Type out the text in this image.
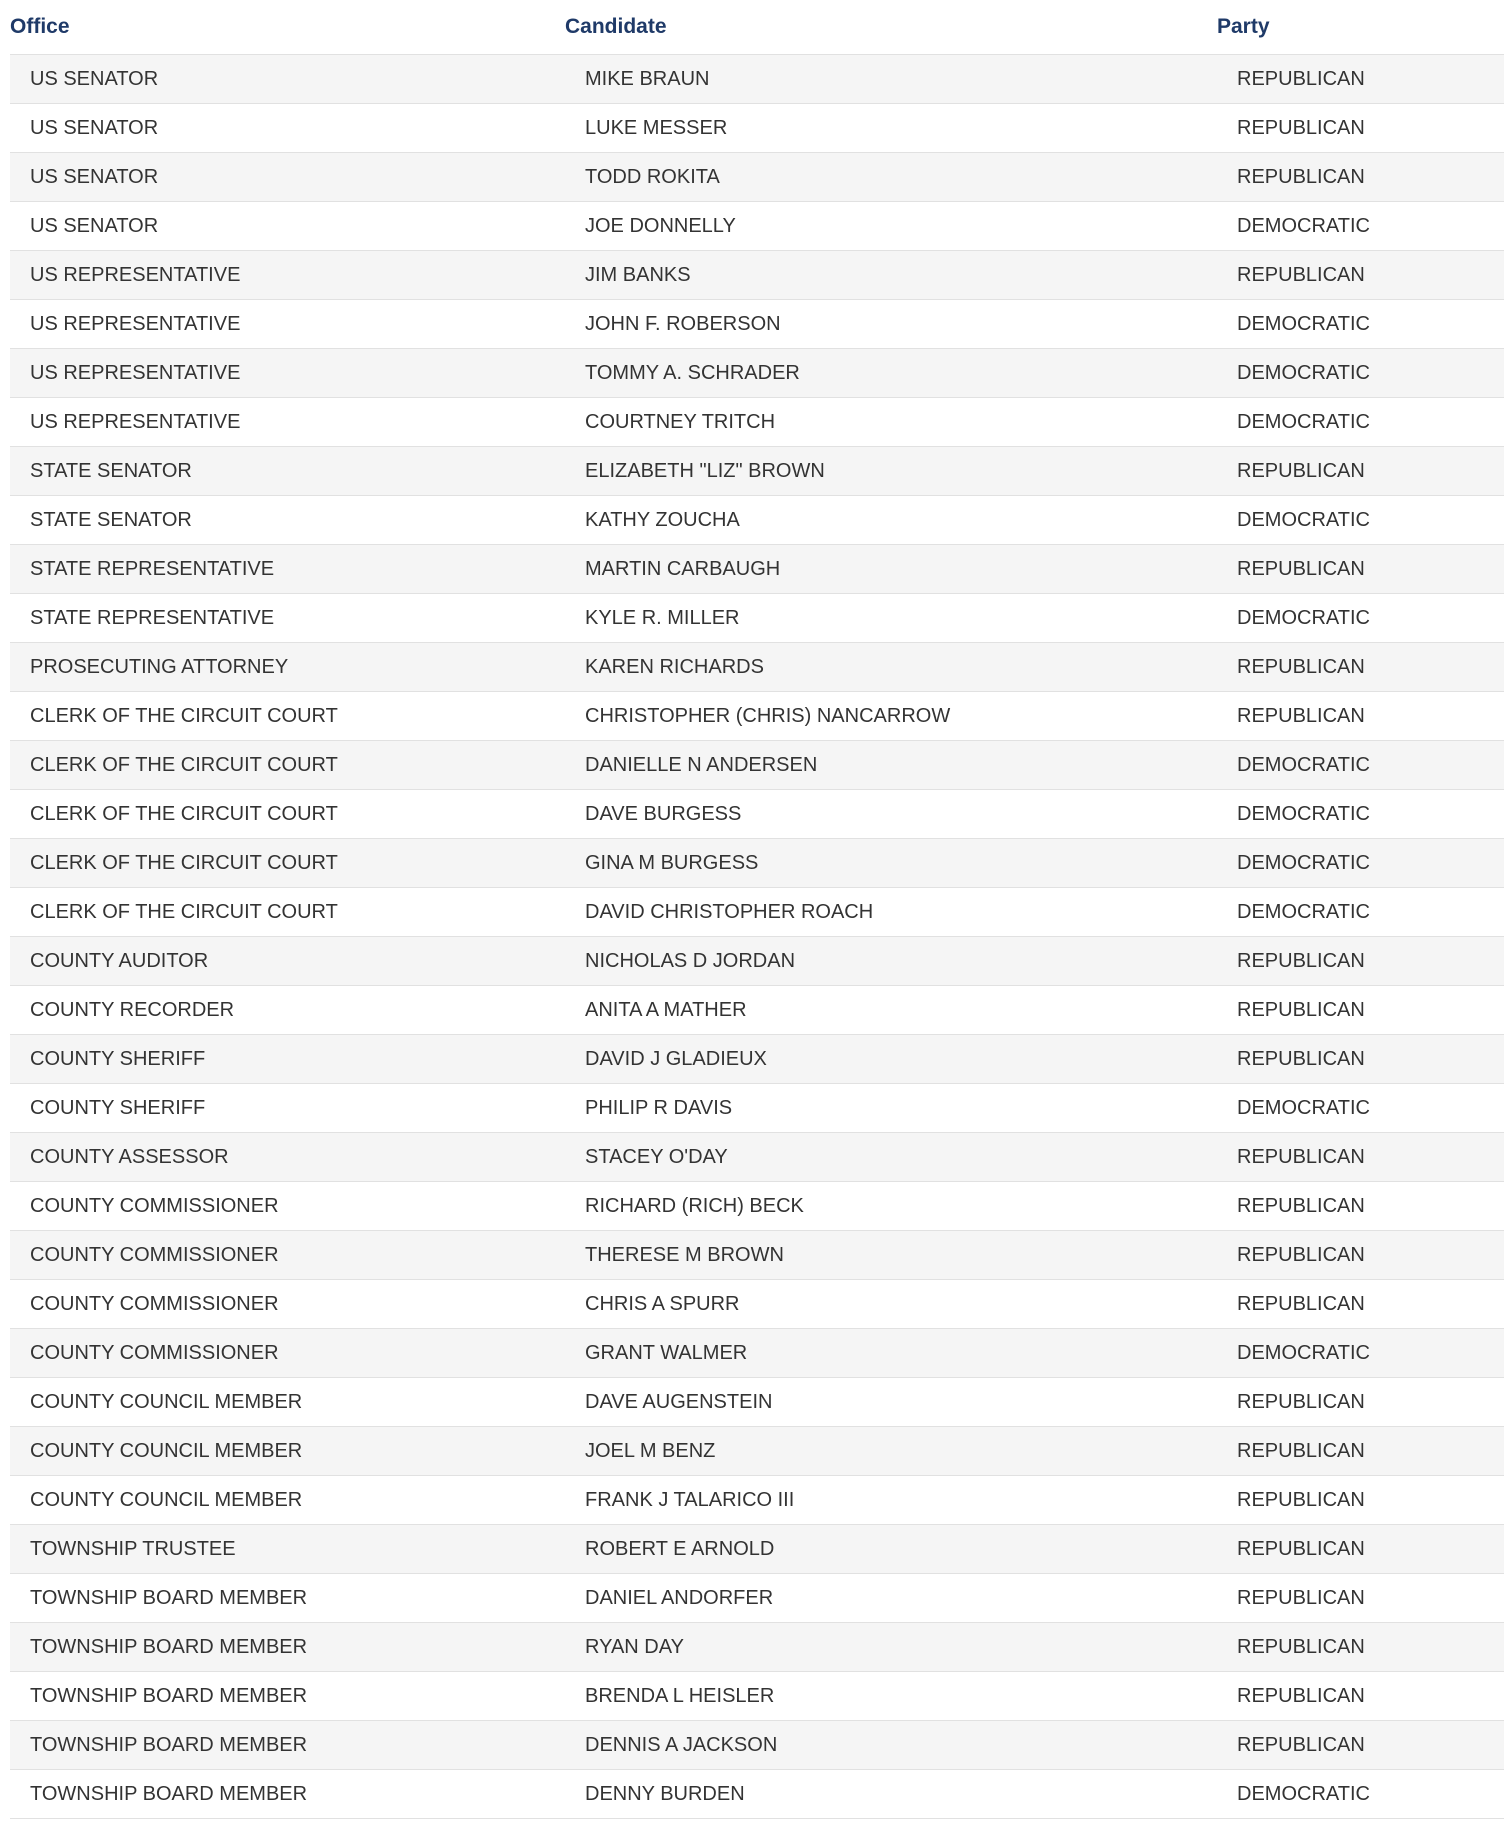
Office	Candidate	Party
US SENATOR	MIKE BRAUN	REPUBLICAN
US SENATOR	LUKE MESSER	REPUBLICAN
US SENATOR	TODD ROKITA	REPUBLICAN
US SENATOR	JOE DONNELLY	DEMOCRATIC
US REPRESENTATIVE	JIM BANKS	REPUBLICAN
US REPRESENTATIVE	JOHN F. ROBERSON	DEMOCRATIC
US REPRESENTATIVE	TOMMY A. SCHRADER	DEMOCRATIC
US REPRESENTATIVE	COURTNEY TRITCH	DEMOCRATIC
STATE SENATOR	ELIZABETH "LIZ" BROWN	REPUBLICAN
STATE SENATOR	KATHY ZOUCHA	DEMOCRATIC
STATE REPRESENTATIVE	MARTIN CARBAUGH	REPUBLICAN
STATE REPRESENTATIVE	KYLE R. MILLER	DEMOCRATIC
PROSECUTING ATTORNEY	KAREN RICHARDS	REPUBLICAN
CLERK OF THE CIRCUIT COURT	CHRISTOPHER (CHRIS) NANCARROW	REPUBLICAN
CLERK OF THE CIRCUIT COURT	DANIELLE N ANDERSEN	DEMOCRATIC
CLERK OF THE CIRCUIT COURT	DAVE BURGESS	DEMOCRATIC
CLERK OF THE CIRCUIT COURT	GINA M BURGESS	DEMOCRATIC
CLERK OF THE CIRCUIT COURT	DAVID CHRISTOPHER ROACH	DEMOCRATIC
COUNTY AUDITOR	NICHOLAS D JORDAN	REPUBLICAN
COUNTY RECORDER	ANITA A MATHER	REPUBLICAN
COUNTY SHERIFF	DAVID J GLADIEUX	REPUBLICAN
COUNTY SHERIFF	PHILIP R DAVIS	DEMOCRATIC
COUNTY ASSESSOR	STACEY O'DAY	REPUBLICAN
COUNTY COMMISSIONER	RICHARD (RICH) BECK	REPUBLICAN
COUNTY COMMISSIONER	THERESE M BROWN	REPUBLICAN
COUNTY COMMISSIONER	CHRIS A SPURR	REPUBLICAN
COUNTY COMMISSIONER	GRANT WALMER	DEMOCRATIC
COUNTY COUNCIL MEMBER	DAVE AUGENSTEIN	REPUBLICAN
COUNTY COUNCIL MEMBER	JOEL M BENZ	REPUBLICAN
COUNTY COUNCIL MEMBER	FRANK J TALARICO III	REPUBLICAN
TOWNSHIP TRUSTEE	ROBERT E ARNOLD	REPUBLICAN
TOWNSHIP BOARD MEMBER	DANIEL ANDORFER	REPUBLICAN
TOWNSHIP BOARD MEMBER	RYAN DAY	REPUBLICAN
TOWNSHIP BOARD MEMBER	BRENDA L HEISLER	REPUBLICAN
TOWNSHIP BOARD MEMBER	DENNIS A JACKSON	REPUBLICAN
TOWNSHIP BOARD MEMBER	DENNY BURDEN	DEMOCRATIC
